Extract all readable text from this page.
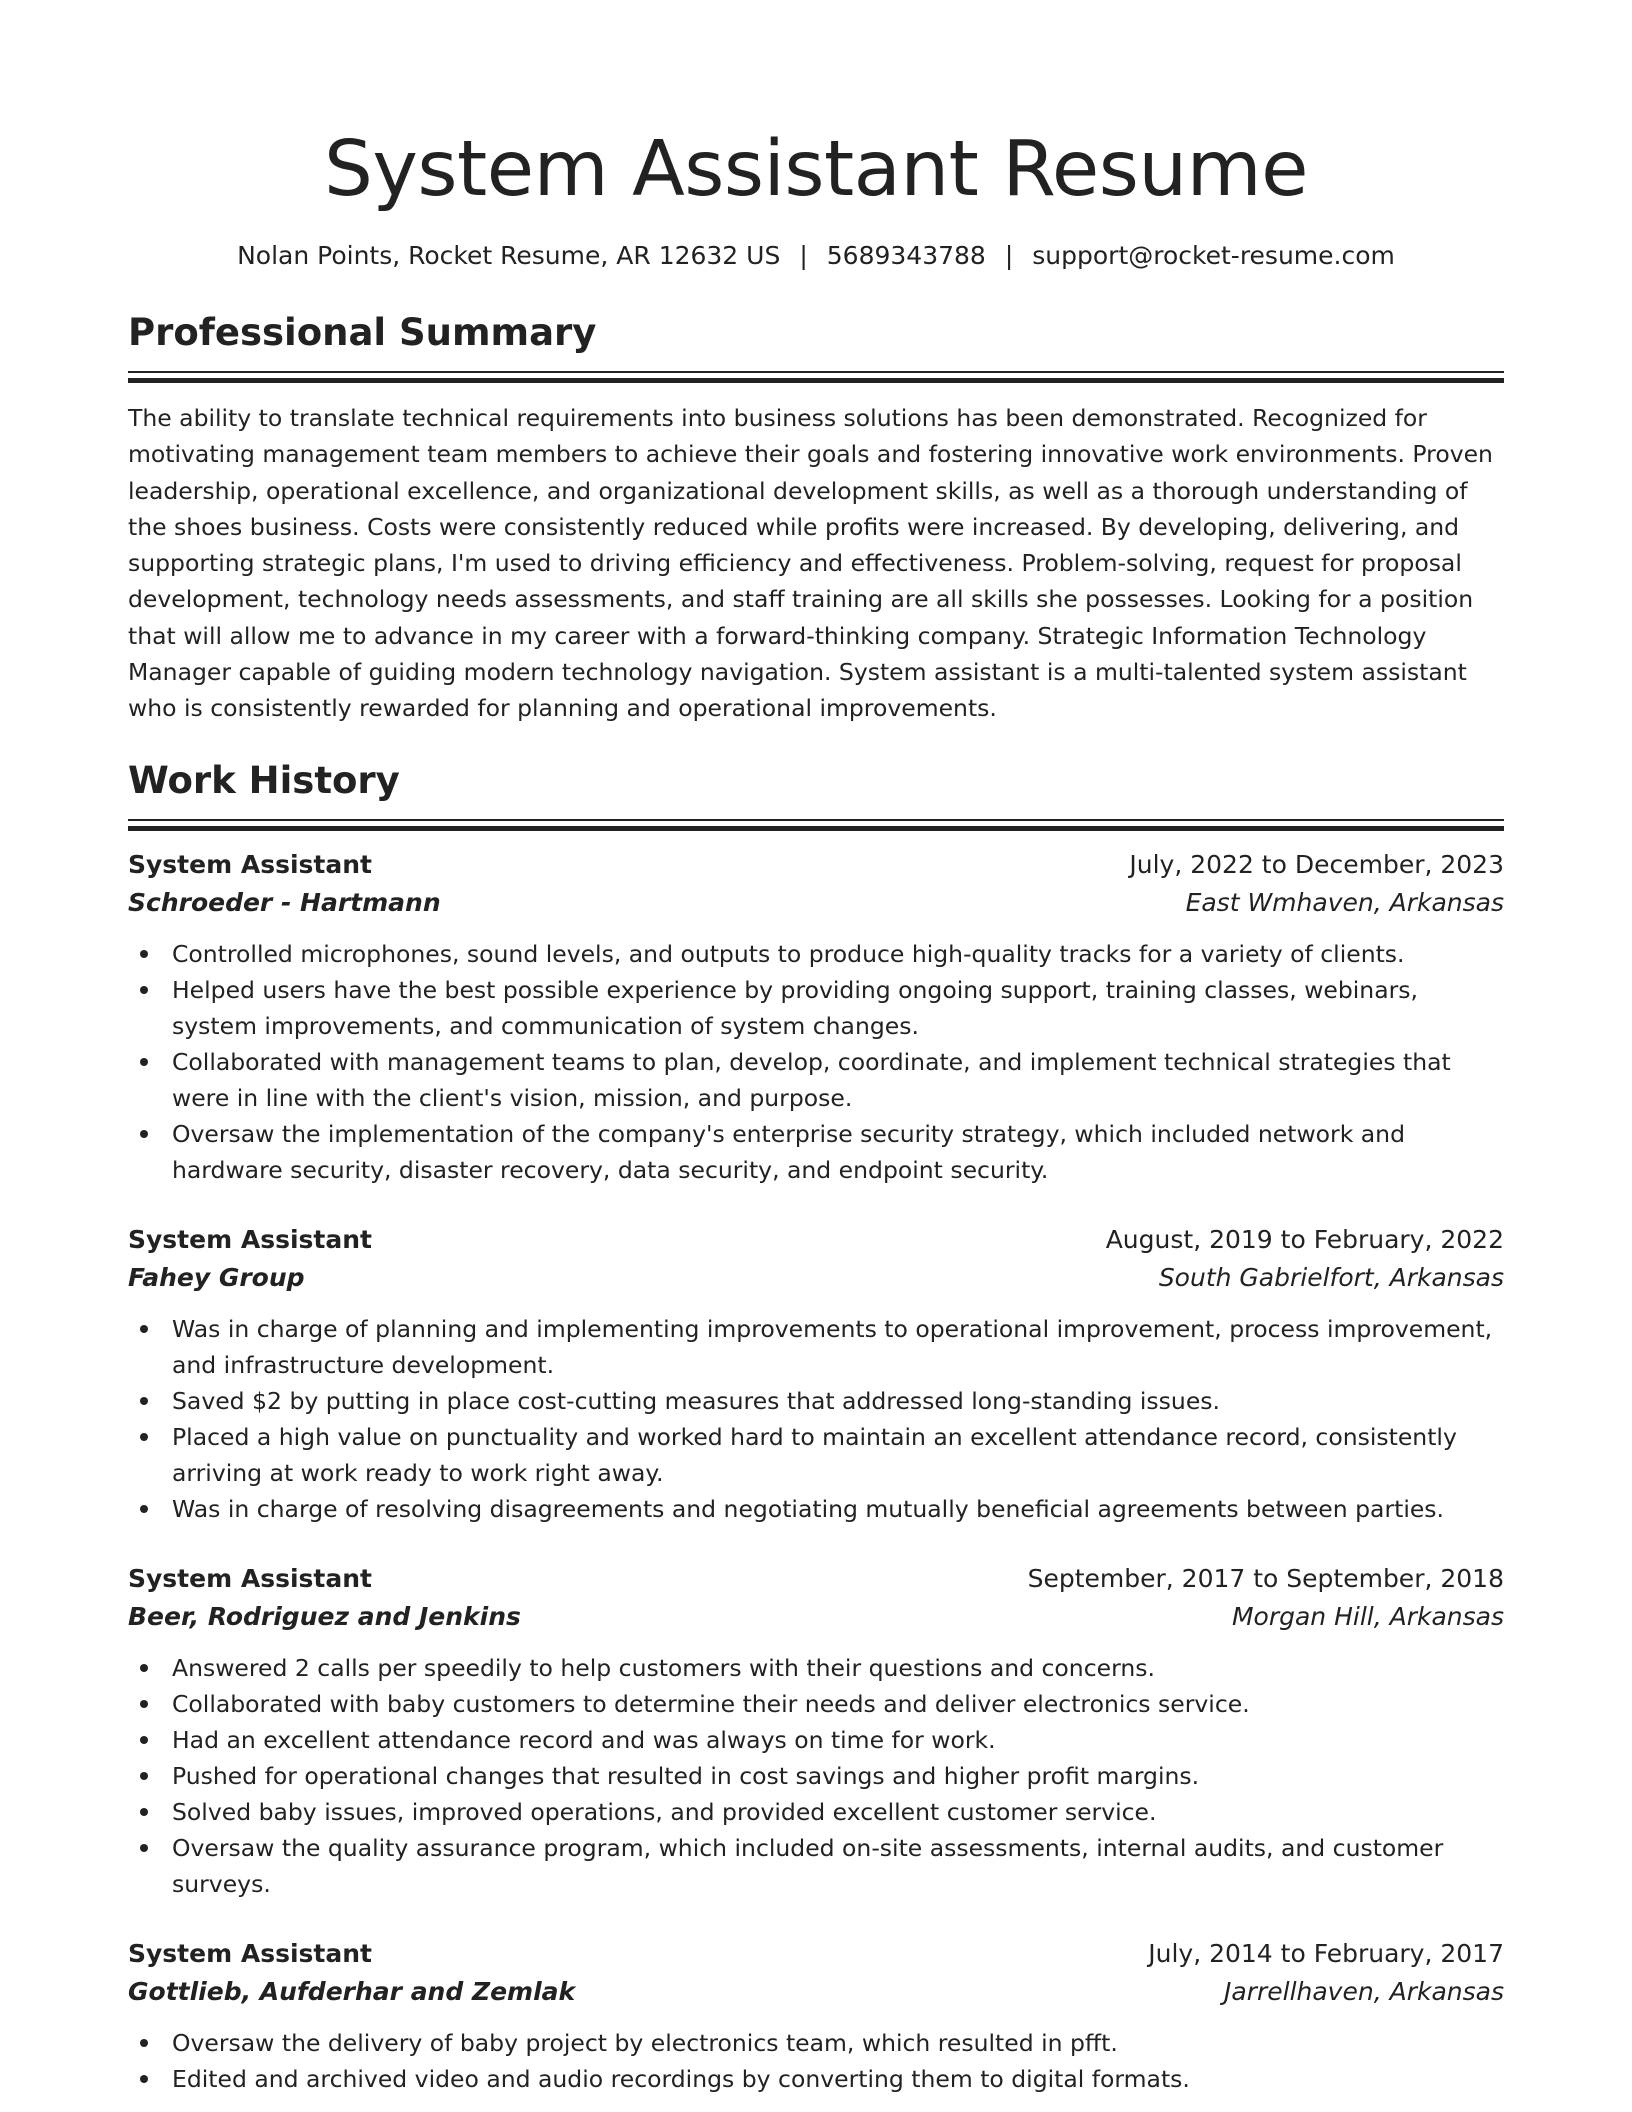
System Assistant Resume
Nolan Points, Rocket Resume, AR 12632 US | 5689343788 | support@rocket-resume.com
Professional Summary

The ability to translate technical requirements into business solutions has been demonstrated. Recognized for motivating management team members to achieve their goals and fostering innovative work environments. Proven leadership, operational excellence, and organizational development skills, as well as a thorough understanding of the shoes business. Costs were consistently reduced while profits were increased. By developing, delivering, and supporting strategic plans, I'm used to driving efficiency and effectiveness. Problem-solving, request for proposal development, technology needs assessments, and staff training are all skills she possesses. Looking for a position that will allow me to advance in my career with a forward-thinking company. Strategic Information Technology Manager capable of guiding modern technology navigation. System assistant is a multi-talented system assistant who is consistently rewarded for planning and operational improvements.

Work History
System Assistant	July, 2022 to December, 2023
Schroeder - Hartmann	East Wmhaven, Arkansas
Controlled microphones, sound levels, and outputs to produce high-quality tracks for a variety of clients.
Helped users have the best possible experience by providing ongoing support, training classes, webinars, system improvements, and communication of system changes.
Collaborated with management teams to plan, develop, coordinate, and implement technical strategies that were in line with the client's vision, mission, and purpose.
Oversaw the implementation of the company's enterprise security strategy, which included network and hardware security, disaster recovery, data security, and endpoint security.
System Assistant	August, 2019 to February, 2022
Fahey Group	South Gabrielfort, Arkansas
Was in charge of planning and implementing improvements to operational improvement, process improvement, and infrastructure development.
Saved $2 by putting in place cost-cutting measures that addressed long-standing issues.
Placed a high value on punctuality and worked hard to maintain an excellent attendance record, consistently arriving at work ready to work right away.
Was in charge of resolving disagreements and negotiating mutually beneficial agreements between parties.
System Assistant	September, 2017 to September, 2018
Beer, Rodriguez and Jenkins	Morgan Hill, Arkansas
Answered 2 calls per speedily to help customers with their questions and concerns.
Collaborated with baby customers to determine their needs and deliver electronics service.
Had an excellent attendance record and was always on time for work.
Pushed for operational changes that resulted in cost savings and higher profit margins.
Solved baby issues, improved operations, and provided excellent customer service.
Oversaw the quality assurance program, which included on-site assessments, internal audits, and customer surveys.
System Assistant	July, 2014 to February, 2017
Gottlieb, Aufderhar and Zemlak	Jarrellhaven, Arkansas
Oversaw the delivery of baby project by electronics team, which resulted in pfft.
Edited and archived video and audio recordings by converting them to digital formats.
